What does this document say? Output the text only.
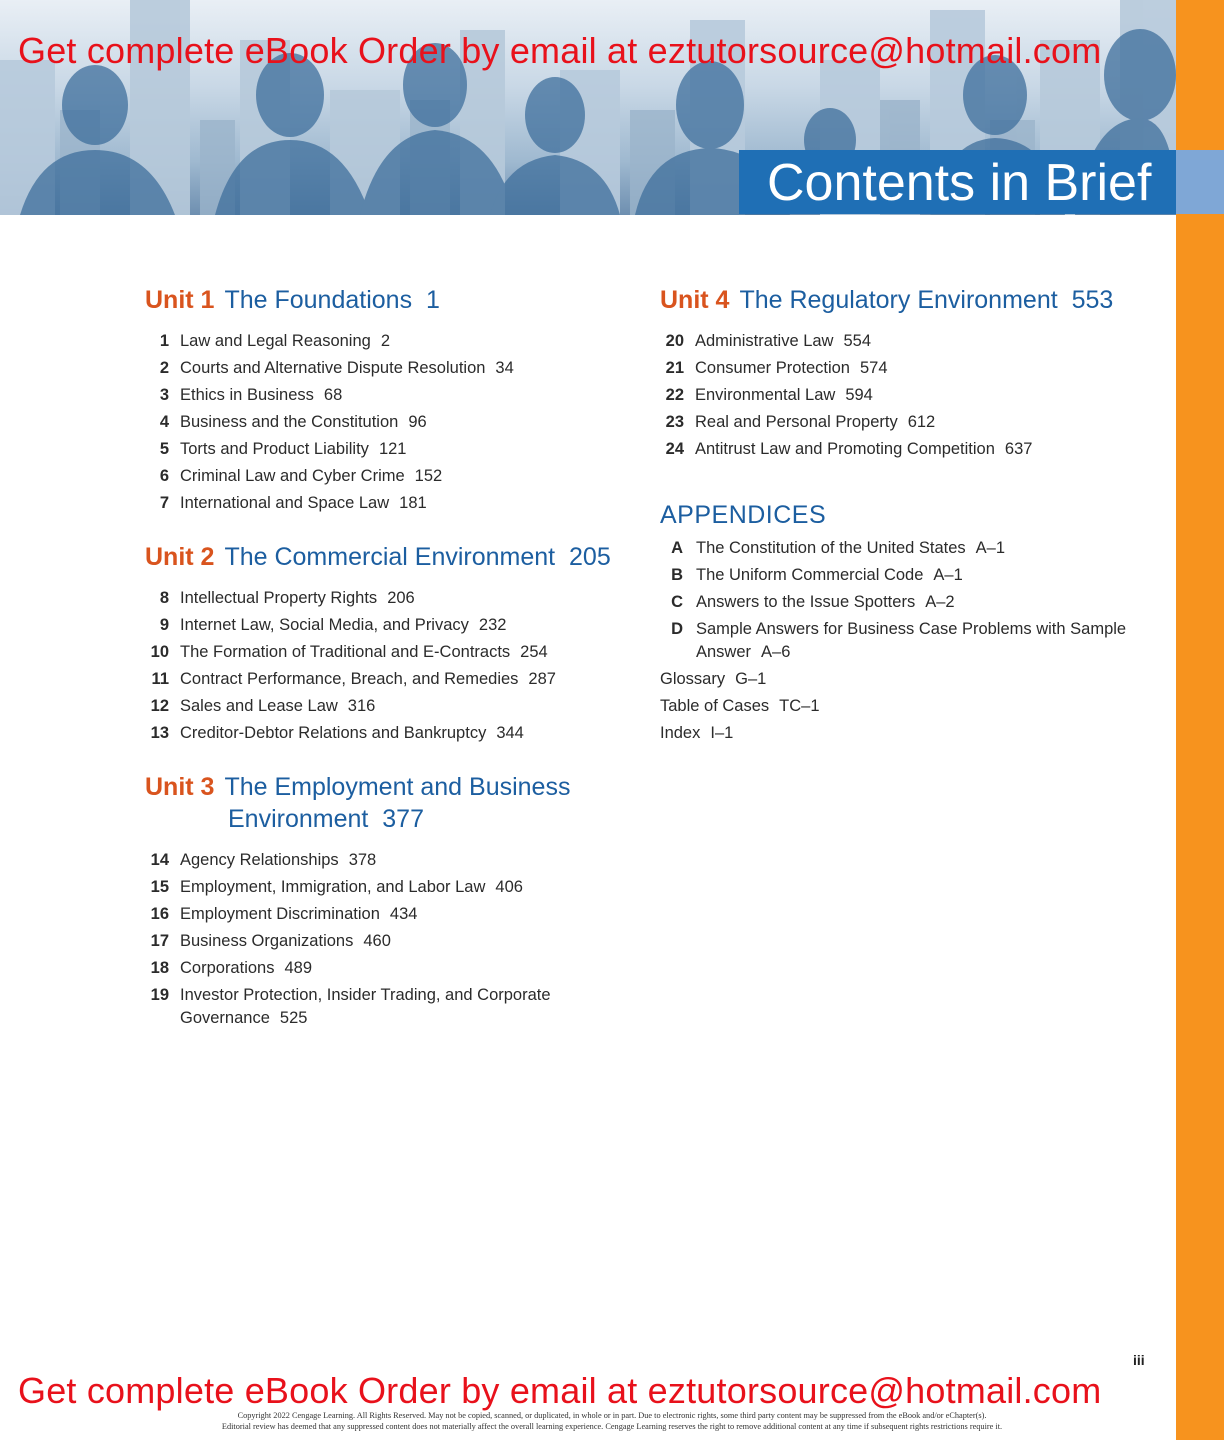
Contents in Brief
Get complete eBook Order by email at eztutorsource@hotmail.com
Unit 1 The Foundations 1
1 Law and Legal Reasoning 2
2 Courts and Alternative Dispute Resolution 34
3 Ethics in Business 68
4 Business and the Constitution 96
5 Torts and Product Liability 121
6 Criminal Law and Cyber Crime 152
7 International and Space Law 181
Unit 2 The Commercial Environment 205
8 Intellectual Property Rights 206
9 Internet Law, Social Media, and Privacy 232
10 The Formation of Traditional and E-Contracts 254
11 Contract Performance, Breach, and Remedies 287
12 Sales and Lease Law 316
13 Creditor-Debtor Relations and Bankruptcy 344
Unit 3 The Employment and Business
Environment 377
14 Agency Relationships 378
15 Employment, Immigration, and Labor Law 406
16 Employment Discrimination 434
17 Business Organizations 460
18 Corporations 489
19 Investor Protection, Insider Trading, and Corporate Governance 525
Unit 4 The Regulatory Environment 553
20 Administrative Law 554
21 Consumer Protection 574
22 Environmental Law 594
23 Real and Personal Property 612
24 Antitrust Law and Promoting Competition 637
APPENDICES
A The Constitution of the United States A–1
B The Uniform Commercial Code A–1
C Answers to the Issue Spotters A–2
D Sample Answers for Business Case Problems with Sample Answer A–6
Glossary G–1
Table of Cases TC–1
Index I–1
iii
Get complete eBook Order by email at eztutorsource@hotmail.com
Copyright 2022 Cengage Learning. All Rights Reserved. May not be copied, scanned, or duplicated, in whole or in part. Due to electronic rights, some third party content may be suppressed from the eBook and/or eChapter(s).
Editorial review has deemed that any suppressed content does not materially affect the overall learning experience. Cengage Learning reserves the right to remove additional content at any time if subsequent rights restrictions require it.
